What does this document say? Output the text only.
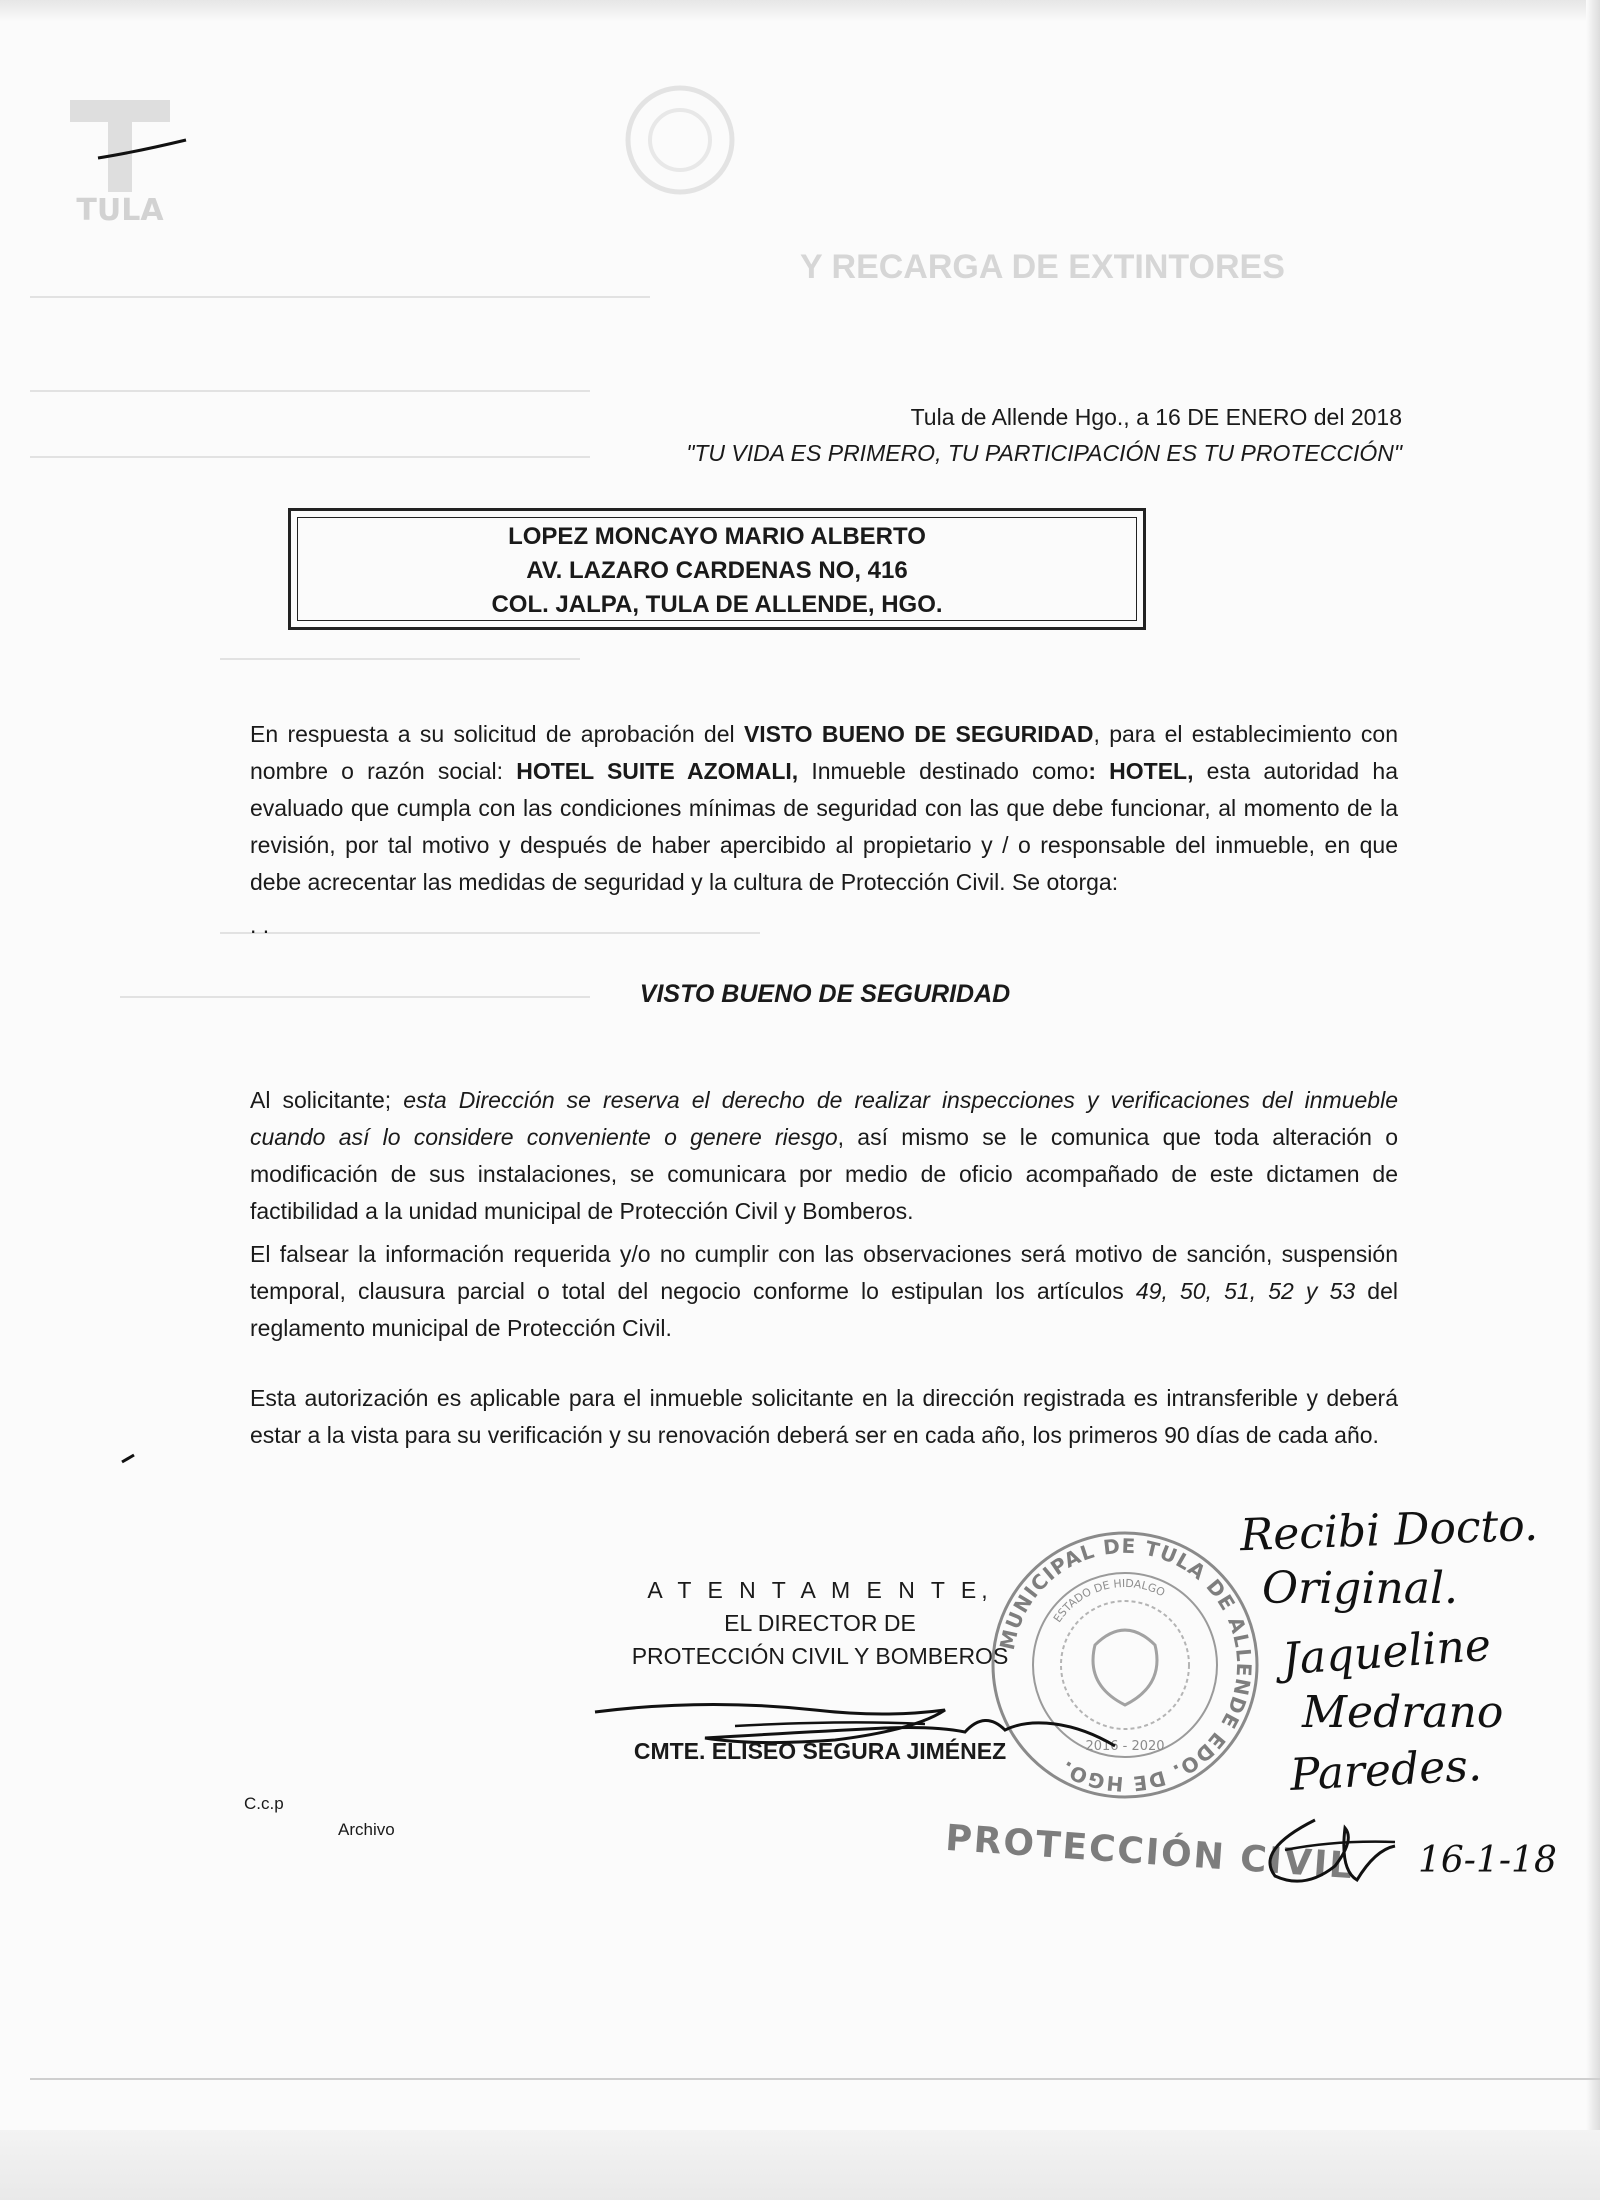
TULA
Y RECARGA DE EXTINTORES
Tula de Allende Hgo., a 16 DE ENERO del 2018
"TU VIDA ES PRIMERO, TU PARTICIPACIÓN ES TU PROTECCIÓN"
LOPEZ MONCAYO MARIO ALBERTO
AV. LAZARO CARDENAS NO, 416
COL. JALPA, TULA DE ALLENDE, HGO.
En respuesta a su solicitud de aprobación del VISTO BUENO DE SEGURIDAD, para el establecimiento con nombre o razón social: HOTEL SUITE AZOMALI, Inmueble destinado como: HOTEL, esta autoridad ha evaluado que cumpla con las condiciones mínimas de seguridad con las que debe funcionar, al momento de la revisión, por tal motivo y después de haber apercibido al propietario y / o responsable del inmueble, en que debe acrecentar las medidas de seguridad y la cultura de Protección Civil. Se otorga:
. .
VISTO BUENO DE SEGURIDAD
Al solicitante; esta Dirección se reserva el derecho de realizar inspecciones y verificaciones del inmueble cuando así lo considere conveniente o genere riesgo, así mismo se le comunica que toda alteración o modificación de sus instalaciones, se comunicara por medio de oficio acompañado de este dictamen de factibilidad a la unidad municipal de Protección Civil y Bomberos.
El falsear la información requerida y/o no cumplir con las observaciones será motivo de sanción, suspensión temporal, clausura parcial o total del negocio conforme lo estipulan los artículos 49, 50, 51, 52 y 53 del reglamento municipal de Protección Civil.
Esta autorización es aplicable para el inmueble solicitante en la dirección registrada es intransferible y deberá estar a la vista para su verificación y su renovación deberá ser en cada año, los primeros 90 días de cada año.
MUNICIPAL DE TULA DE ALLENDE EDO. DE HGO.
ESTADO DE HIDALGO
2016 - 2020
A T E N T A M E N T E,
EL DIRECTOR DE
PROTECCIÓN CIVIL Y BOMBEROS
CMTE. ELISEO SEGURA JIMÉNEZ
PROTECCIÓN CIVIL
C.c.p
Archivo
Recibi Docto.
Original.
Jaqueline
Medrano
Paredes.
16-1-18
